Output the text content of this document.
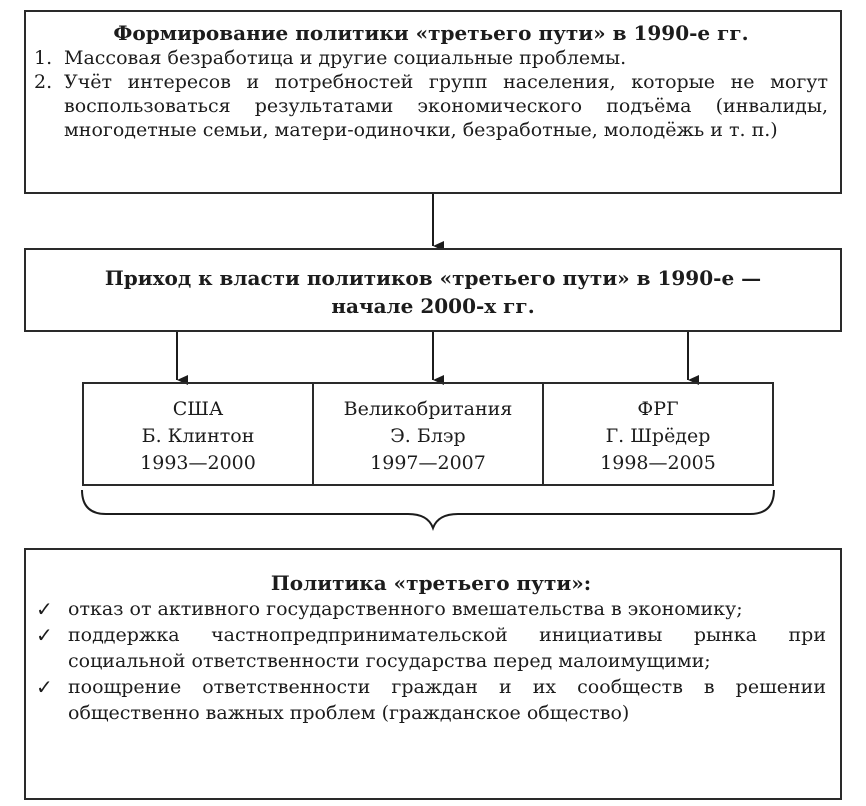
Формирование политики «третьего пути» в 1990-е гг.
1. Массовая безработица и другие социальные проблемы.
2. Учёт интересов и потребностей групп населения, которые не могут воспользоваться результатами экономического подъёма (инвалиды, многодетные семьи, матери-одиночки, безработные, молодёжь и т. п.)
Приход к власти политиков «третьего пути» в 1990-е —
начале 2000-х гг.
США
Б. Клинтон
1993—2000
Великобритания
Э. Блэр
1997—2007
ФРГ
Г. Шрёдер
1998—2005
Политика «третьего пути»:
✓ отказ от активного государственного вмешательства в экономику;
✓ поддержка частнопредпринимательской инициативы рынка при социальной ответственности государства перед малоимущими;
✓ поощрение ответственности граждан и их сообществ в решении общественно важных проблем (гражданское общество)
